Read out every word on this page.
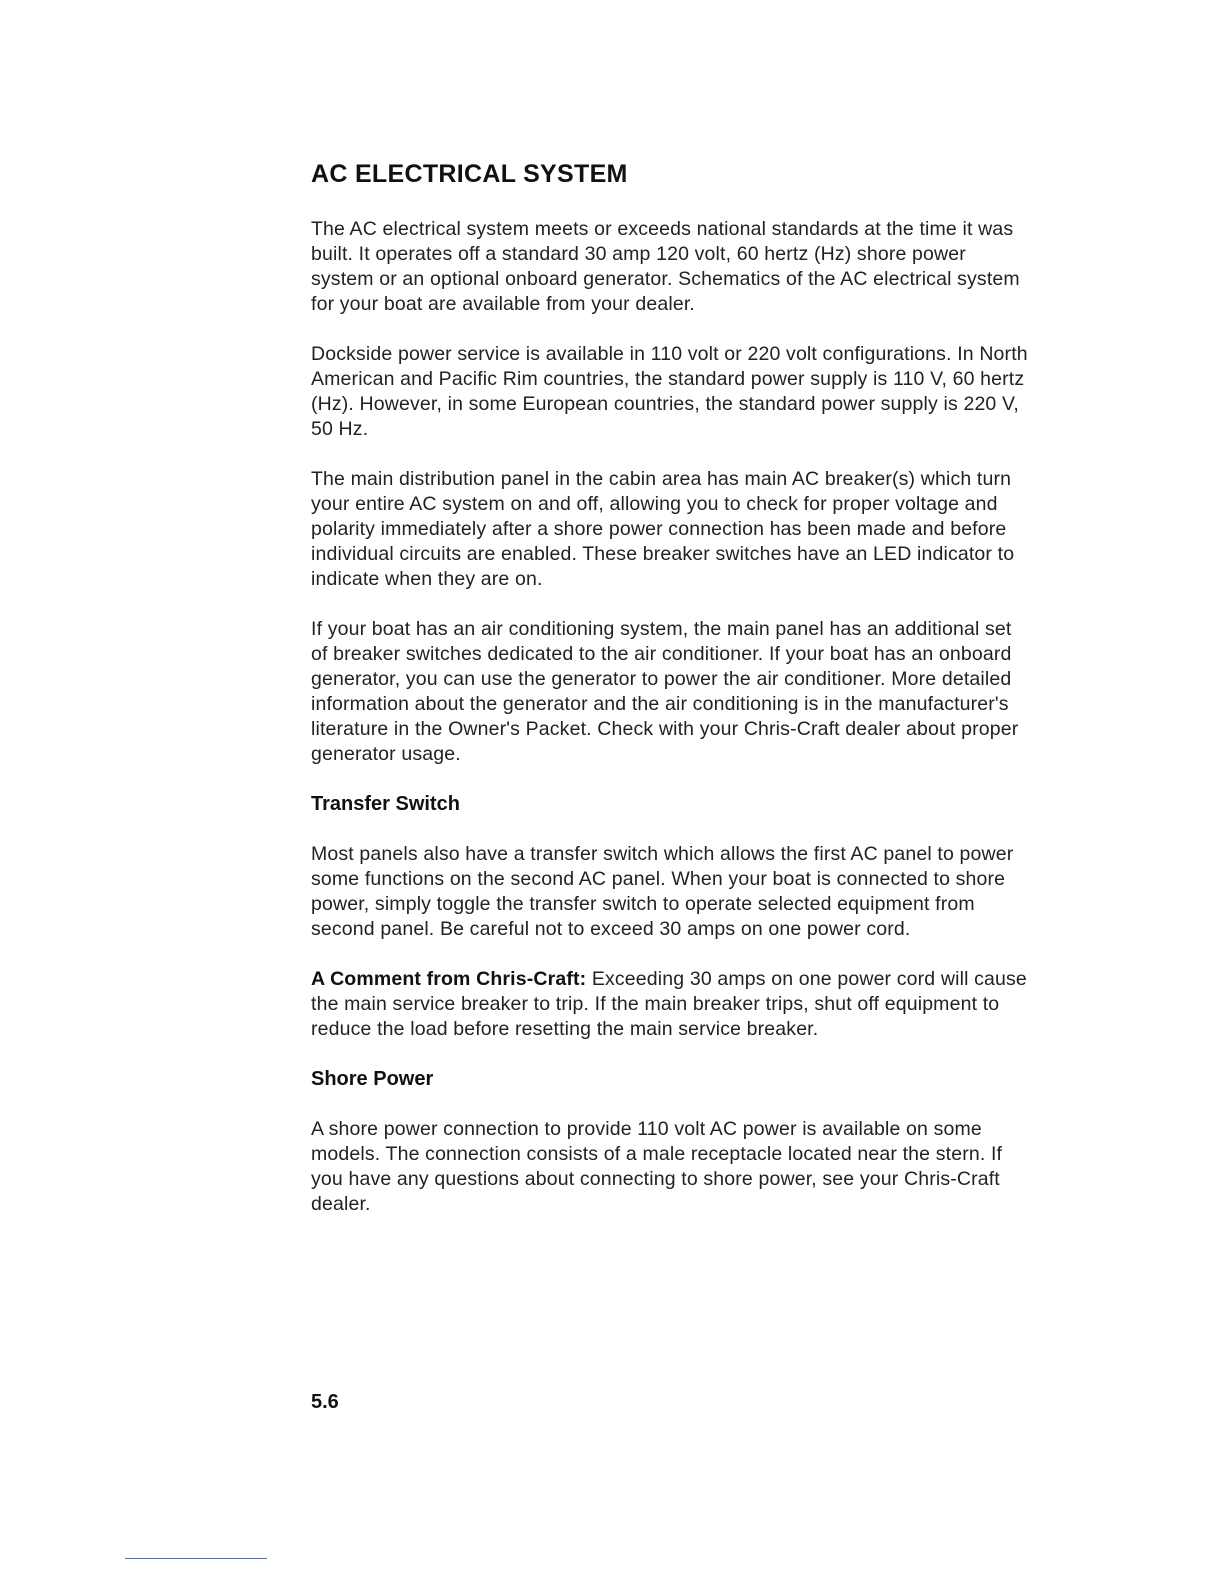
AC ELECTRICAL SYSTEM

The AC electrical system meets or exceeds national standards at the time it was built. It operates off a standard 30 amp 120 volt, 60 hertz (Hz) shore power system or an optional onboard generator. Schematics of the AC electrical system for your boat are available from your dealer.

Dockside power service is available in 110 volt or 220 volt configurations. In North American and Pacific Rim countries, the standard power supply is 110 V, 60 hertz (Hz). However, in some European countries, the standard power supply is 220 V, 50 Hz.

The main distribution panel in the cabin area has main AC breaker(s) which turn your entire AC system on and off, allowing you to check for proper voltage and polarity immediately after a shore power connection has been made and before individual circuits are enabled. These breaker switches have an LED indicator to indicate when they are on.

If your boat has an air conditioning system, the main panel has an additional set of breaker switches dedicated to the air conditioner. If your boat has an onboard generator, you can use the generator to power the air conditioner. More detailed information about the generator and the air conditioning is in the manufacturer's literature in the Owner's Packet. Check with your Chris-Craft dealer about proper generator usage.

Transfer Switch

Most panels also have a transfer switch which allows the first AC panel to power some functions on the second AC panel. When your boat is connected to shore power, simply toggle the transfer switch to operate selected equipment from second panel. Be careful not to exceed 30 amps on one power cord.

A Comment from Chris-Craft: Exceeding 30 amps on one power cord will cause the main service breaker to trip. If the main breaker trips, shut off equipment to reduce the load before resetting the main service breaker.

Shore Power

A shore power connection to provide 110 volt AC power is available on some models. The connection consists of a male receptacle located near the stern. If you have any questions about connecting to shore power, see your Chris-Craft dealer.

5.6
